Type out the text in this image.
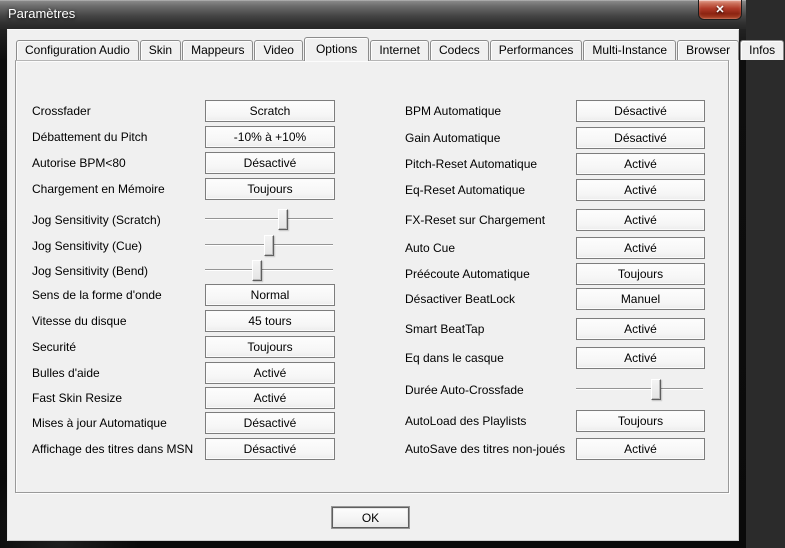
Paramètres	✕
Configuration Audio	Skin	Mappeurs	Video	Options	Internet	Codecs	Performances	Multi-Instance	Browser	Infos
Crossfader	Scratch
Débattement du Pitch	-10% à +10%
Autorise BPM<80	Désactivé
Chargement en Mémoire	Toujours
Jog Sensitivity (Scratch)
Jog Sensitivity (Cue)
Jog Sensitivity (Bend)
Sens de la forme d'onde	Normal
Vitesse du disque	45 tours
Securité	Toujours
Bulles d'aide	Activé
Fast Skin Resize	Activé
Mises à jour Automatique	Désactivé
Affichage des titres dans MSN	Désactivé
BPM Automatique	Désactivé
Gain Automatique	Désactivé
Pitch-Reset Automatique	Activé
Eq-Reset Automatique	Activé
FX-Reset sur Chargement	Activé
Auto Cue	Activé
Préécoute Automatique	Toujours
Désactiver BeatLock	Manuel
Smart BeatTap	Activé
Eq dans le casque	Activé
Durée Auto-Crossfade
AutoLoad des Playlists	Toujours
AutoSave des titres non-joués	Activé
OK
